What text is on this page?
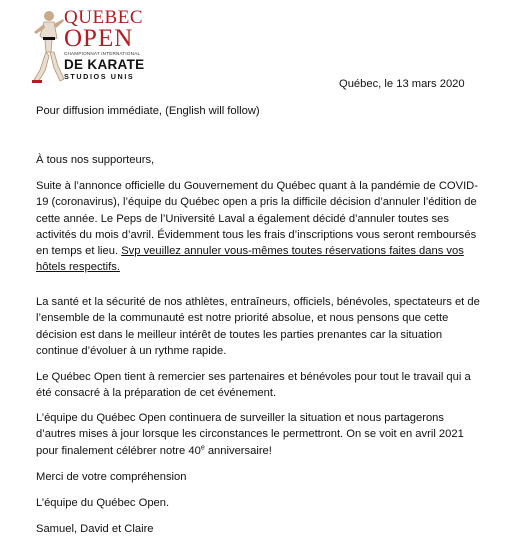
QUEBEC
OPEN
CHAMPIONNAT INTERNATIONAL
DE KARATE
STUDIOS UNIS
Québec, le 13 mars 2020

Pour diffusion immédiate, (English will follow)

À tous nos supporteurs,

Suite à l’annonce officielle du Gouvernement du Québec quant à la pandémie de COVID-19 (coronavirus), l’équipe du Québec open a pris la difficile décision d’annuler l’édition de cette année. Le Peps de l’Université Laval a également décidé d’annuler toutes ses activités du mois d’avril. Évidemment tous les frais d’inscriptions vous seront remboursés en temps et lieu. Svp veuillez annuler vous-mêmes toutes réservations faites dans vos hôtels respectifs.

La santé et la sécurité de nos athlètes, entraîneurs, officiels, bénévoles, spectateurs et de l’ensemble de la communauté est notre priorité absolue, et nous pensons que cette décision est dans le meilleur intérêt de toutes les parties prenantes car la situation continue d’évoluer à un rythme rapide.

Le Québec Open tient à remercier ses partenaires et bénévoles pour tout le travail qui a été consacré à la préparation de cet événement.

L’équipe du Québec Open continuera de surveiller la situation et nous partagerons d’autres mises à jour lorsque les circonstances le permettront. On se voit en avril 2021 pour finalement célébrer notre 40e anniversaire!

Merci de votre compréhension

L’équipe du Québec Open.

Samuel, David et Claire
